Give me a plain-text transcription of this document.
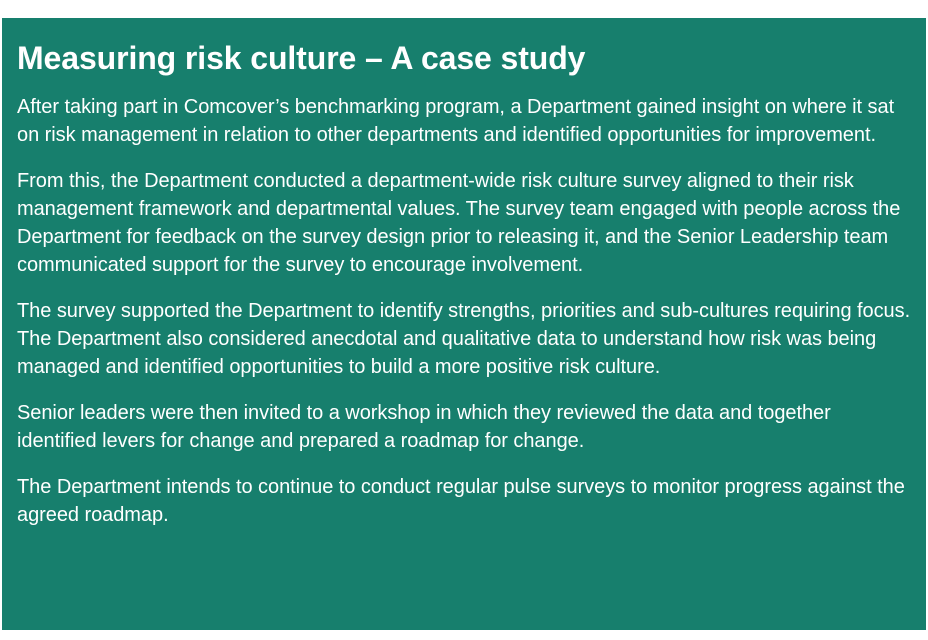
Measuring risk culture – A case study

After taking part in Comcover’s benchmarking program, a Department gained insight on where it sat on risk management in relation to other departments and identified opportunities for improvement.

From this, the Department conducted a department-wide risk culture survey aligned to their risk management framework and departmental values. The survey team engaged with people across the Department for feedback on the survey design prior to releasing it, and the Senior Leadership team communicated support for the survey to encourage involvement.

The survey supported the Department to identify strengths, priorities and sub-cultures requiring focus. The Department also considered anecdotal and qualitative data to understand how risk was being managed and identified opportunities to build a more positive risk culture.

Senior leaders were then invited to a workshop in which they reviewed the data and together identified levers for change and prepared a roadmap for change.

The Department intends to continue to conduct regular pulse surveys to monitor progress against the agreed roadmap.
